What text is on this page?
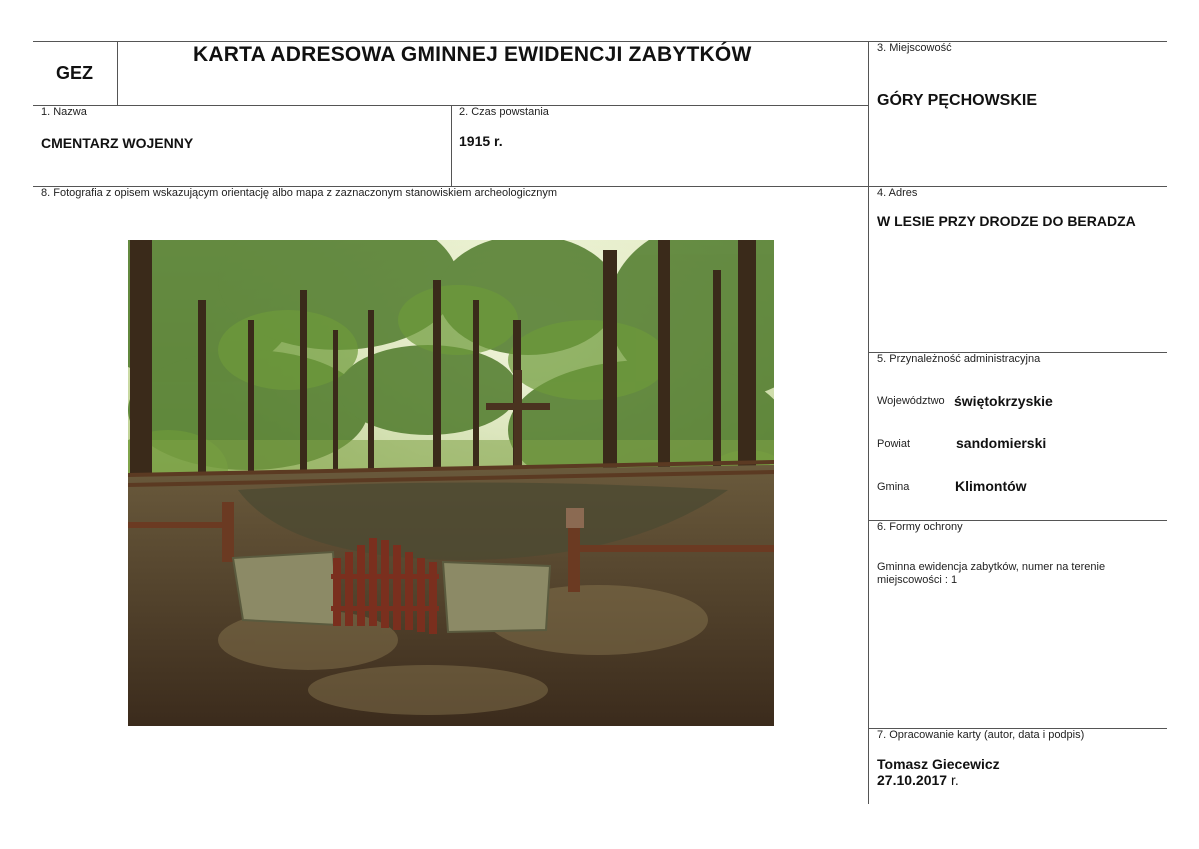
GEZ
KARTA ADRESOWA GMINNEJ EWIDENCJI ZABYTKÓW
1. Nazwa
CMENTARZ WOJENNY
2. Czas powstania
1915 r.
3. Miejscowość
GÓRY PĘCHOWSKIE
8. Fotografia z opisem wskazującym orientację albo mapa z zaznaczonym stanowiskiem archeologicznym	4. Adres
W LESIE PRZY DRODZE DO BERADZA
5. Przynależność administracyjna
Województwo świętokrzyskie
Powiat	sandomierski
Gmina	Klimontów
6. Formy ochrony
Gminna ewidencja zabytków, numer na terenie
miejscowości : 1
7. Opracowanie karty (autor, data i podpis)
Tomasz Giecewicz
27.10.2017 r.
